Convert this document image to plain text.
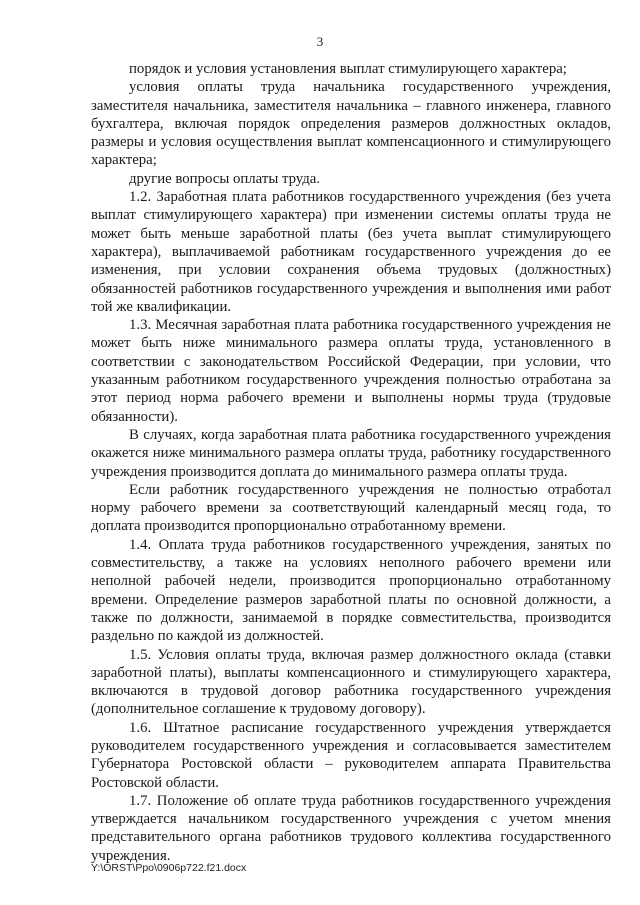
3

порядок и условия установления выплат стимулирующего характера;

условия оплаты труда начальника государственного учреждения, заместителя начальника, заместителя начальника – главного инженера, главного бухгалтера, включая порядок определения размеров должностных окладов, размеры и условия осуществления выплат компенсационного и стимулирующего характера;

другие вопросы оплаты труда.

1.2. Заработная плата работников государственного учреждения (без учета выплат стимулирующего характера) при изменении системы оплаты труда не может быть меньше заработной платы (без учета выплат стимулирующего характера), выплачиваемой работникам государственного учреждения до ее изменения, при условии сохранения объема трудовых (должностных) обязанностей работников государственного учреждения и выполнения ими работ той же квалификации.

1.3. Месячная заработная плата работника государственного учреждения не может быть ниже минимального размера оплаты труда, установленного в соответствии с законодательством Российской Федерации, при условии, что указанным работником государственного учреждения полностью отработана за этот период норма рабочего времени и выполнены нормы труда (трудовые обязанности).

В случаях, когда заработная плата работника государственного учреждения окажется ниже минимального размера оплаты труда, работнику государственного учреждения производится доплата до минимального размера оплаты труда.

Если работник государственного учреждения не полностью отработал норму рабочего времени за соответствующий календарный месяц года, то доплата производится пропорционально отработанному времени.

1.4. Оплата труда работников государственного учреждения, занятых по совместительству, а также на условиях неполного рабочего времени или неполной рабочей недели, производится пропорционально отработанному времени. Определение размеров заработной платы по основной должности, а также по должности, занимаемой в порядке совместительства, производится раздельно по каждой из должностей.

1.5. Условия оплаты труда, включая размер должностного оклада (ставки заработной платы), выплаты компенсационного и стимулирующего характера, включаются в трудовой договор работника государственного учреждения (дополнительное соглашение к трудовому договору).

1.6. Штатное расписание государственного учреждения утверждается руководителем государственного учреждения и согласовывается заместителем Губернатора Ростовской области – руководителем аппарата Правительства Ростовской области.

1.7. Положение об оплате труда работников государственного учреждения утверждается начальником государственного учреждения с учетом мнения представительного органа работников трудового коллектива государственного учреждения.

Y:\ORST\Ppo\0906p722.f21.docx
